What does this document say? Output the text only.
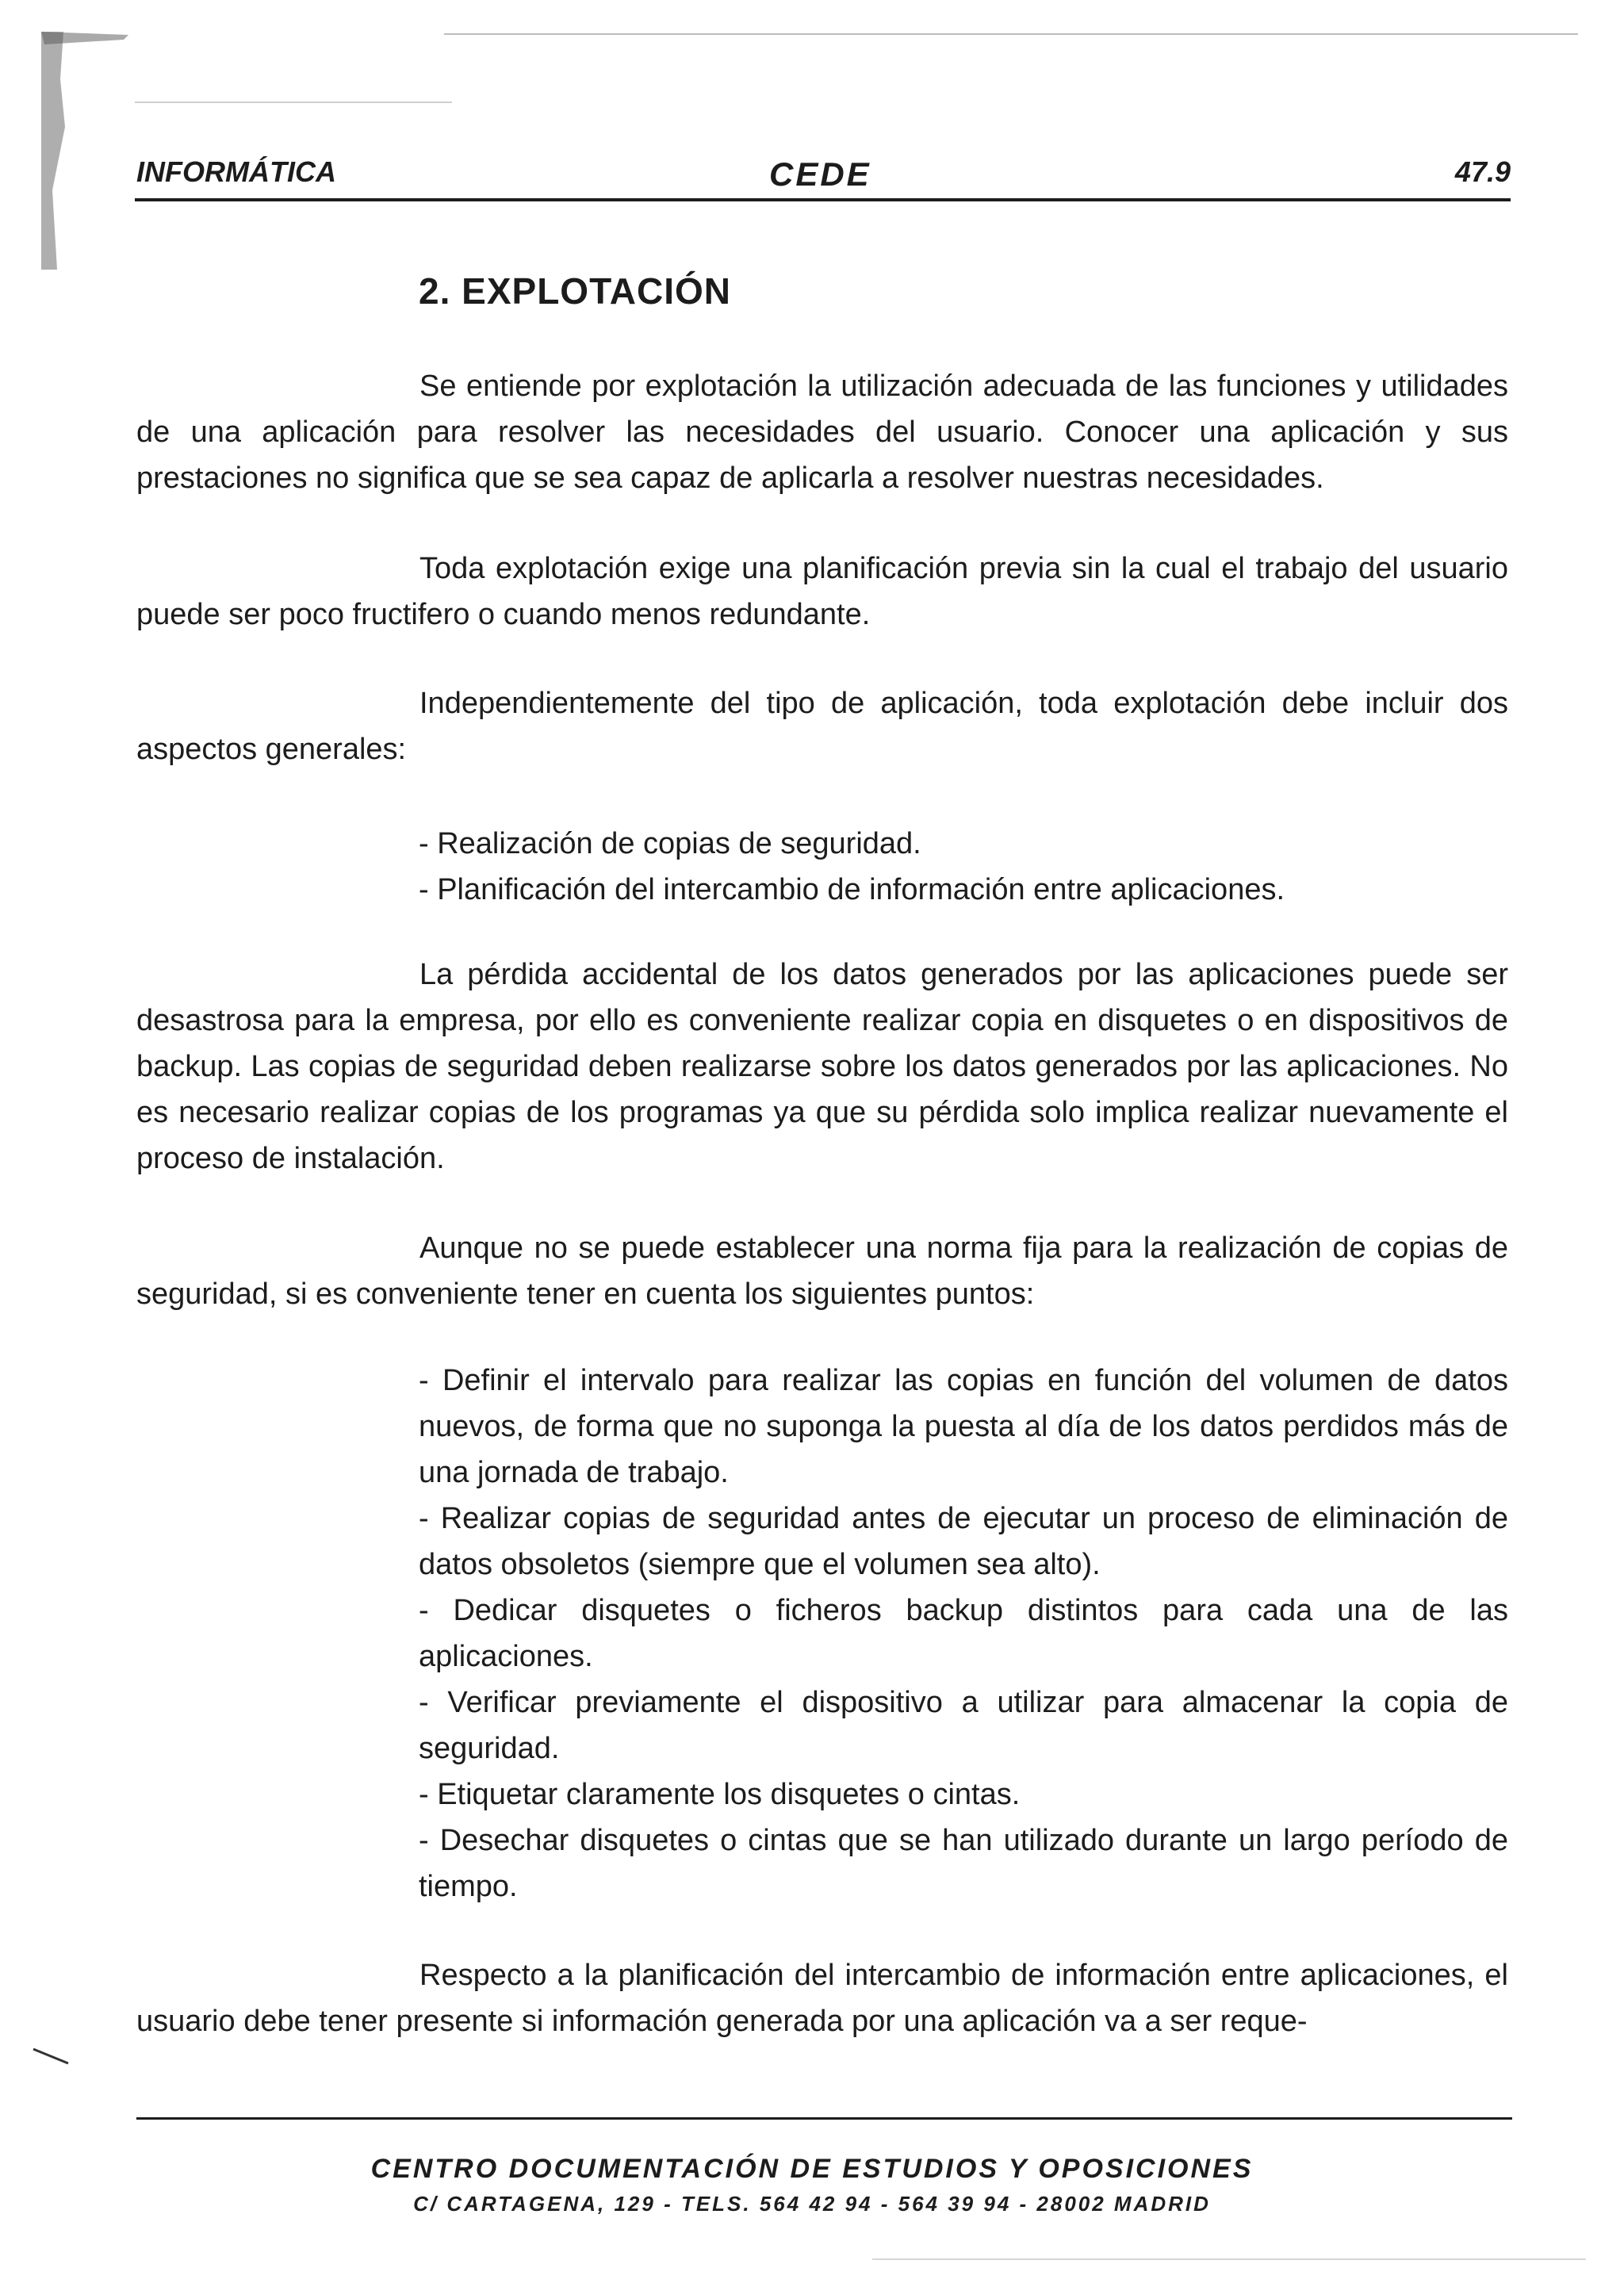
INFORMÁTICA	CEDE	47.9
2. EXPLOTACIÓN

Se entiende por explotación la utilización adecuada de las funciones y utilidades de una aplicación para resolver las necesidades del usuario. Conocer una aplicación y sus prestaciones no significa que se sea capaz de aplicarla a resolver nuestras necesidades.

Toda explotación exige una planificación previa sin la cual el trabajo del usuario puede ser poco fructifero o cuando menos redundante.

Independientemente del tipo de aplicación, toda explotación debe incluir dos aspectos generales:

- Realización de copias de seguridad.
- Planificación del intercambio de información entre aplicaciones.

La pérdida accidental de los datos generados por las aplicaciones puede ser desastrosa para la empresa, por ello es conveniente realizar copia en disquetes o en dispositivos de backup. Las copias de seguridad deben realizarse sobre los datos generados por las aplicaciones. No es necesario realizar copias de los programas ya que su pérdida solo implica realizar nuevamente el proceso de instalación.

Aunque no se puede establecer una norma fija para la realización de copias de seguridad, si es conveniente tener en cuenta los siguientes puntos:

- Definir el intervalo para realizar las copias en función del volumen de datos nuevos, de forma que no suponga la puesta al día de los datos perdidos más de una jornada de trabajo.
- Realizar copias de seguridad antes de ejecutar un proceso de eliminación de datos obsoletos (siempre que el volumen sea alto).
- Dedicar disquetes o ficheros backup distintos para cada una de las aplicaciones.
- Verificar previamente el dispositivo a utilizar para almacenar la copia de seguridad.
- Etiquetar claramente los disquetes o cintas.
- Desechar disquetes o cintas que se han utilizado durante un largo período de tiempo.

Respecto a la planificación del intercambio de información entre aplicaciones, el usuario debe tener presente si información generada por una aplicación va a ser reque-

CENTRO DOCUMENTACIÓN DE ESTUDIOS Y OPOSICIONES

C/ CARTAGENA, 129 - TELS. 564 42 94 - 564 39 94 - 28002 MADRID
